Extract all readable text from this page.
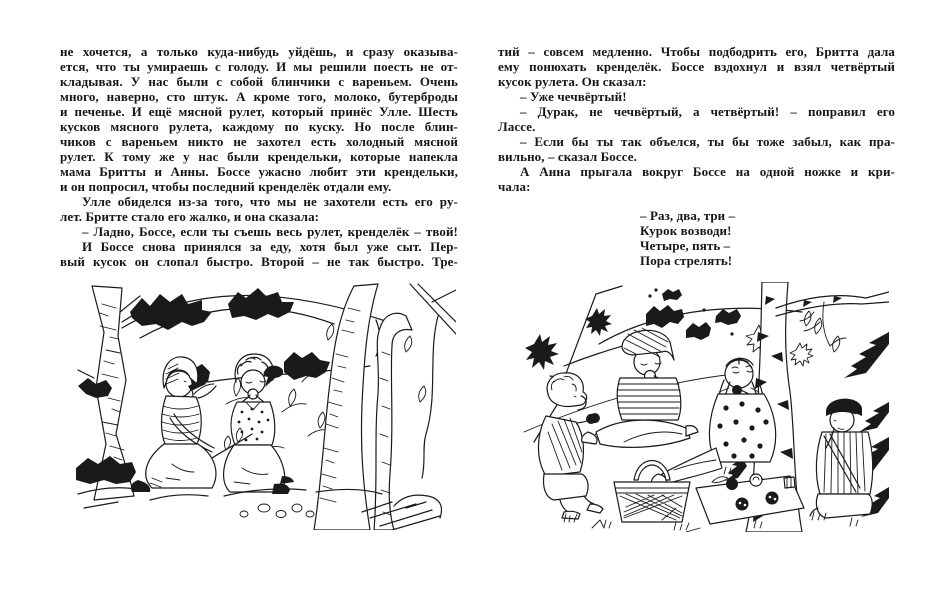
не хочется, а только куда-нибудь уйдёшь, и сразу оказыва-
ется, что ты умираешь с голоду. И мы решили поесть не от-
кладывая. У нас были с собой блинчики с вареньем. Очень
много, наверно, сто штук. А кроме того, молоко, бутерброды
и печенье. И ещё мясной рулет, который принёс Улле. Шесть
кусков мясного рулета, каждому по куску. Но после блин-
чиков с вареньем никто не захотел есть холодный мясной
рулет. К тому же у нас были крендельки, которые напекла
мама Бритты и Анны. Боссе ужасно любит эти крендельки,
и он попросил, чтобы последний кренделёк отдали ему.
Улле обиделся из-за того, что мы не захотели есть его ру-
лет. Бритте стало его жалко, и она сказала:
– Ладно, Боссе, если ты съешь весь рулет, кренделёк – твой!
И Боссе снова принялся за еду, хотя был уже сыт. Пер-
вый кусок он слопал быстро. Второй – не так быстро. Тре-
тий – совсем медленно. Чтобы подбодрить его, Бритта дала
ему понюхать кренделёк. Боссе вздохнул и взял четвёртый
кусок рулета. Он сказал:
– Уже чечвёртый!
– Дурак, не чечвёртый, а четвёртый! – поправил его
Лассе.
– Если бы ты так объелся, ты бы тоже забыл, как пра-
вильно, – сказал Боссе.
А Анна прыгала вокруг Боссе на одной ножке и кри-
чала:
– Раз, два, три –
Курок возводи!
Четыре, пять –
Пора стрелять!
